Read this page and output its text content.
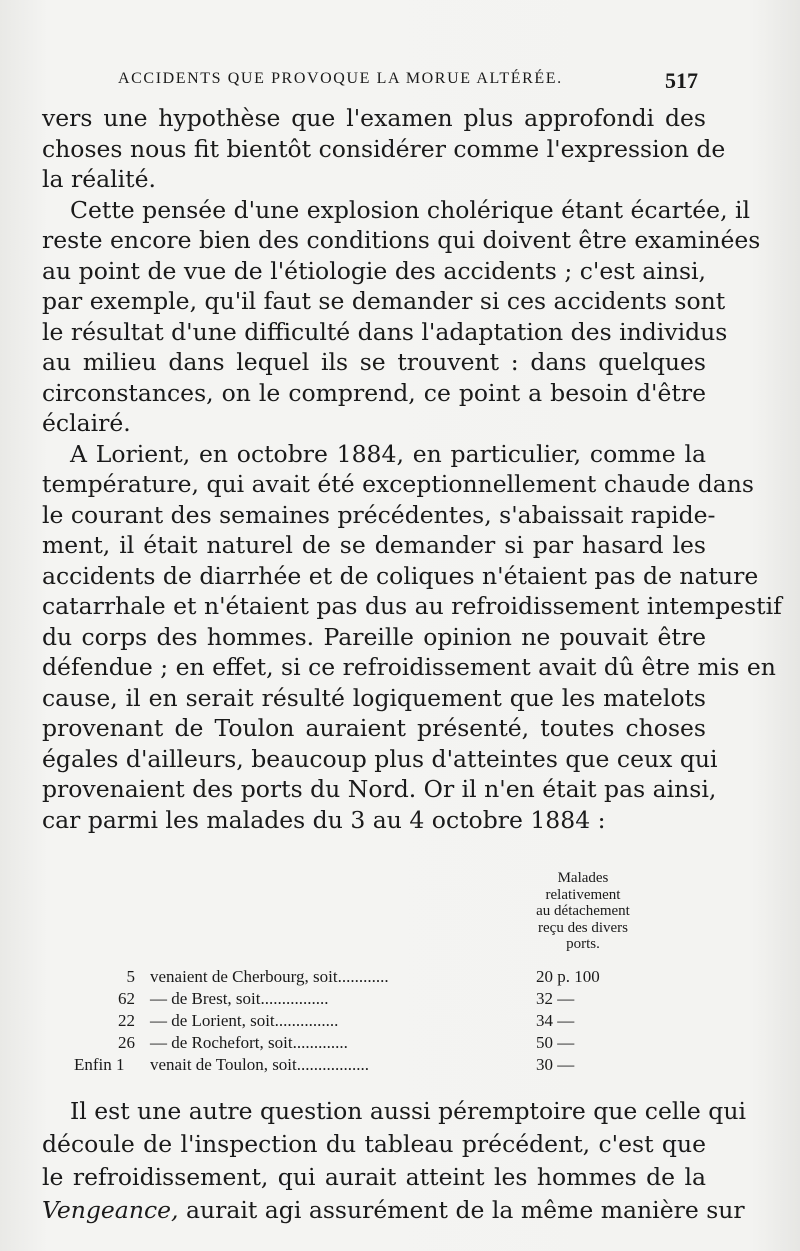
ACCIDENTS QUE PROVOQUE LA MORUE ALTÉRÉE.	517
vers une hypothèse que l'examen plus approfondi des
choses nous fit bientôt considérer comme l'expression de
la réalité.
Cette pensée d'une explosion cholérique étant écartée, il
reste encore bien des conditions qui doivent être examinées
au point de vue de l'étiologie des accidents ; c'est ainsi,
par exemple, qu'il faut se demander si ces accidents sont
le résultat d'une difficulté dans l'adaptation des individus
au milieu dans lequel ils se trouvent : dans quelques
circonstances, on le comprend, ce point a besoin d'être
éclairé.
A Lorient, en octobre 1884, en particulier, comme la
température, qui avait été exceptionnellement chaude dans
le courant des semaines précédentes, s'abaissait rapide-
ment, il était naturel de se demander si par hasard les
accidents de diarrhée et de coliques n'étaient pas de nature
catarrhale et n'étaient pas dus au refroidissement intempestif
du corps des hommes. Pareille opinion ne pouvait être
défendue ; en effet, si ce refroidissement avait dû être mis en
cause, il en serait résulté logiquement que les matelots
provenant de Toulon auraient présenté, toutes choses
égales d'ailleurs, beaucoup plus d'atteintes que ceux qui
provenaient des ports du Nord. Or il n'en était pas ainsi,
car parmi les malades du 3 au 4 octobre 1884 :
Malades
relativement
au détachement
reçu des divers
ports.
5 venaient de Cherbourg, soit............	20 p. 100
62 — de Brest, soit................	32 —
22 — de Lorient, soit...............	34 —
26 — de Rochefort, soit.............	50 —
Enfin 1 venait de Toulon, soit.................	30 —
Il est une autre question aussi péremptoire que celle qui
découle de l'inspection du tableau précédent, c'est que
le refroidissement, qui aurait atteint les hommes de la
Vengeance, aurait agi assurément de la même manière sur
